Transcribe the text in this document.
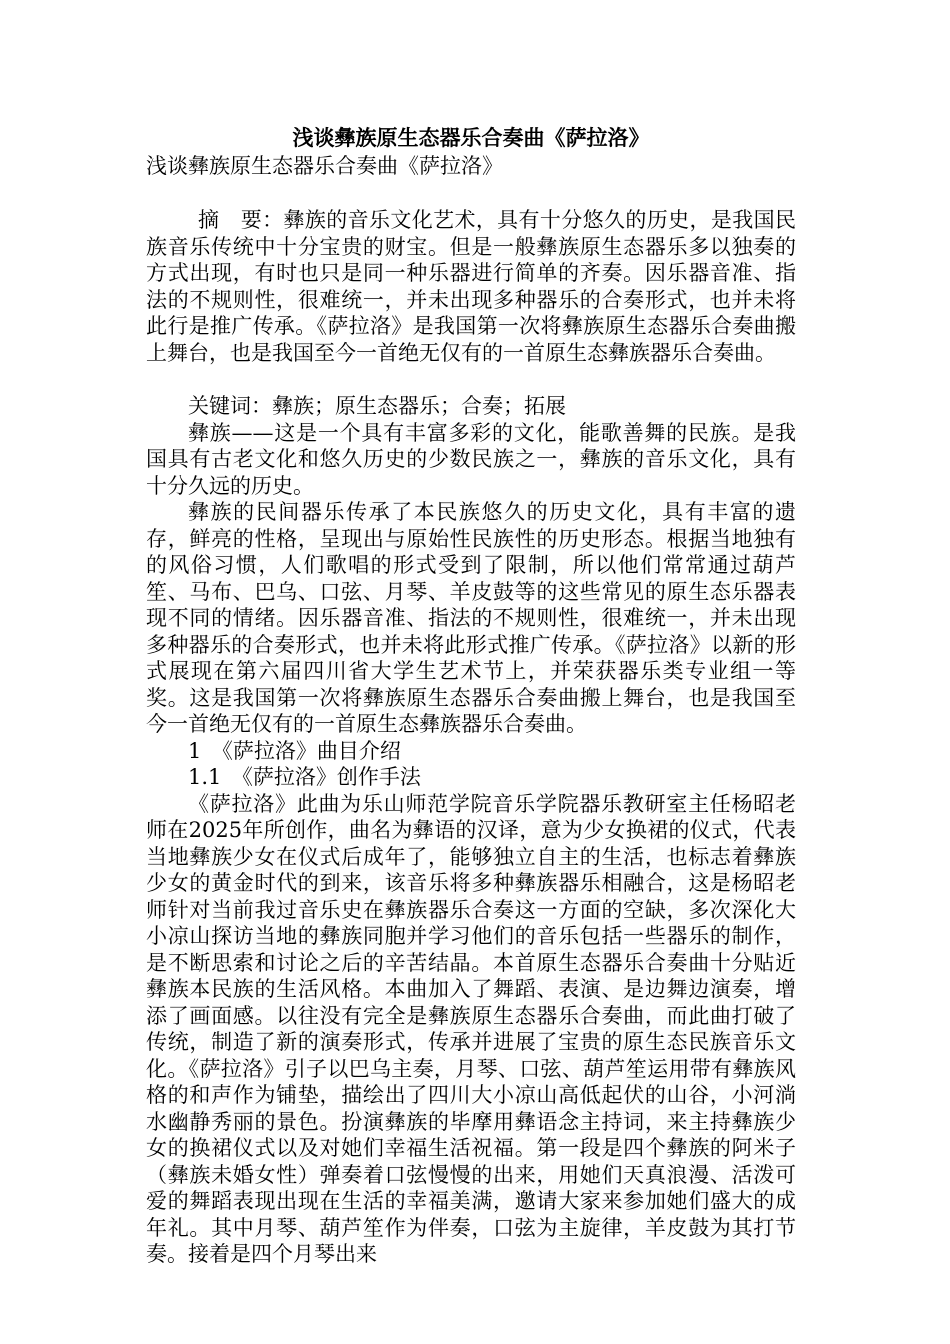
浅谈彝族原生态器乐合奏曲《萨拉洛》

浅谈彝族原生态器乐合奏曲《萨拉洛》

摘　要：彝族的音乐文化艺术，具有十分悠久的历史，是我国民族音乐传统中十分宝贵的财宝。但是一般彝族原生态器乐多以独奏的方式出现，有时也只是同一种乐器进行简单的齐奏。因乐器音准、指法的不规则性，很难统一，并未出现多种器乐的合奏形式，也并未将此行是推广传承。《萨拉洛》是我国第一次将彝族原生态器乐合奏曲搬上舞台，也是我国至今一首绝无仅有的一首原生态彝族器乐合奏曲。

关键词：彝族；原生态器乐；合奏；拓展

彝族——这是一个具有丰富多彩的文化，能歌善舞的民族。是我国具有古老文化和悠久历史的少数民族之一，彝族的音乐文化，具有十分久远的历史。

彝族的民间器乐传承了本民族悠久的历史文化，具有丰富的遗存，鲜亮的性格，呈现出与原始性民族性的历史形态。根据当地独有的风俗习惯，人们歌唱的形式受到了限制，所以他们常常通过葫芦笙、马布、巴乌、口弦、月琴、羊皮鼓等的这些常见的原生态乐器表现不同的情绪。因乐器音准、指法的不规则性，很难统一，并未出现多种器乐的合奏形式，也并未将此形式推广传承。《萨拉洛》以新的形式展现在第六届四川省大学生艺术节上，并荣获器乐类专业组一等奖。这是我国第一次将彝族原生态器乐合奏曲搬上舞台，也是我国至今一首绝无仅有的一首原生态彝族器乐合奏曲。

1　《萨拉洛》曲目介绍

1.1　《萨拉洛》创作手法

《萨拉洛》此曲为乐山师范学院音乐学院器乐教研室主任杨昭老师在2025年所创作，曲名为彝语的汉译，意为少女换裙的仪式，代表当地彝族少女在仪式后成年了，能够独立自主的生活，也标志着彝族少女的黄金时代的到来，该音乐将多种彝族器乐相融合，这是杨昭老师针对当前我过音乐史在彝族器乐合奏这一方面的空缺，多次深化大小凉山探访当地的彝族同胞并学习他们的音乐包括一些器乐的制作，是不断思索和讨论之后的辛苦结晶。本首原生态器乐合奏曲十分贴近彝族本民族的生活风格。本曲加入了舞蹈、表演、是边舞边演奏，增添了画面感。以往没有完全是彝族原生态器乐合奏曲，而此曲打破了传统，制造了新的演奏形式，传承并进展了宝贵的原生态民族音乐文化。《萨拉洛》引子以巴乌主奏，月琴、口弦、葫芦笙运用带有彝族风格的和声作为铺垫，描绘出了四川大小凉山高低起伏的山谷，小河淌水幽静秀丽的景色。扮演彝族的毕摩用彝语念主持词，来主持彝族少女的换裙仪式以及对她们幸福生活祝福。第一段是四个彝族的阿米子（彝族未婚女性）弹奏着口弦慢慢的出来，用她们天真浪漫、活泼可爱的舞蹈表现出现在生活的幸福美满，邀请大家来参加她们盛大的成年礼。其中月琴、葫芦笙作为伴奏，口弦为主旋律，羊皮鼓为其打节奏。接着是四个月琴出来
